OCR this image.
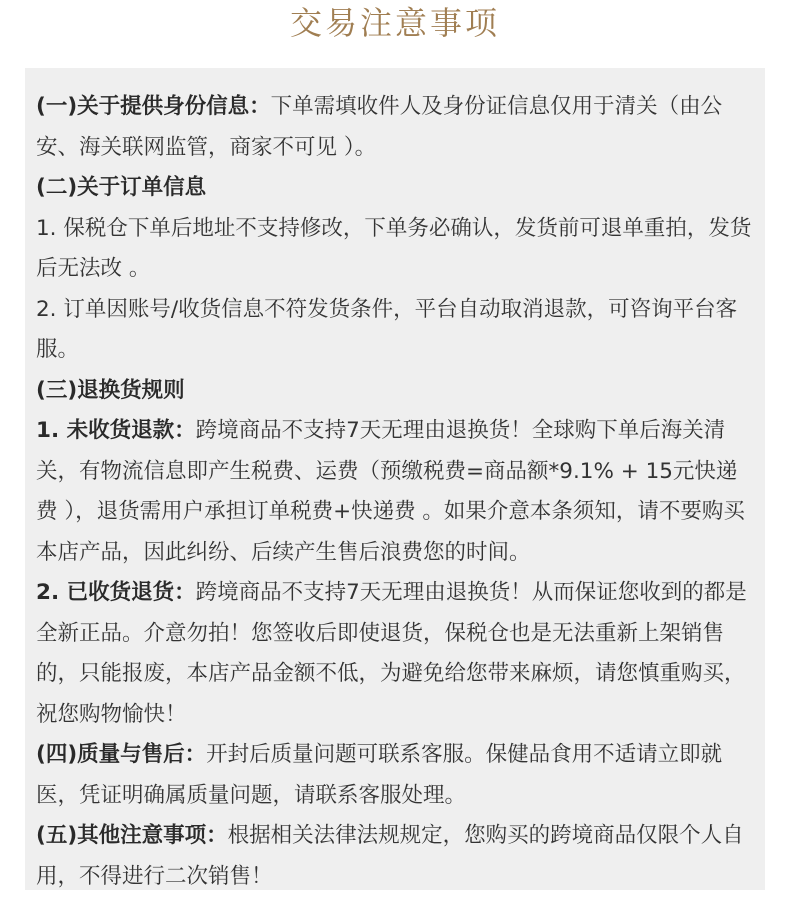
交易注意事项
(一)关于提供身份信息：下单需填收件人及身份证信息仅用于清关（由公安、海关联网监管，商家不可见 ）。
(二)关于订单信息
1. 保税仓下单后地址不支持修改，下单务必确认，发货前可退单重拍，发货后无法改 。
2. 订单因账号/收货信息不符发货条件，平台自动取消退款，可咨询平台客服。
(三)退换货规则
1. 未收货退款：跨境商品不支持7天无理由退换货！全球购下单后海关清关，有物流信息即产生税费、运费（预缴税费=商品额*9.1% + 15元快递费 ），退货需用户承担订单税费+快递费 。如果介意本条须知，请不要购买本店产品，因此纠纷、后续产生售后浪费您的时间。
2. 已收货退货：跨境商品不支持7天无理由退换货！从而保证您收到的都是全新正品。介意勿拍！您签收后即使退货，保税仓也是无法重新上架销售的，只能报废，本店产品金额不低，为避免给您带来麻烦，请您慎重购买，祝您购物愉快！
(四)质量与售后：开封后质量问题可联系客服。保健品食用不适请立即就医，凭证明确属质量问题，请联系客服处理。
(五)其他注意事项：根据相关法律法规规定，您购买的跨境商品仅限个人自用，不得进行二次销售！
